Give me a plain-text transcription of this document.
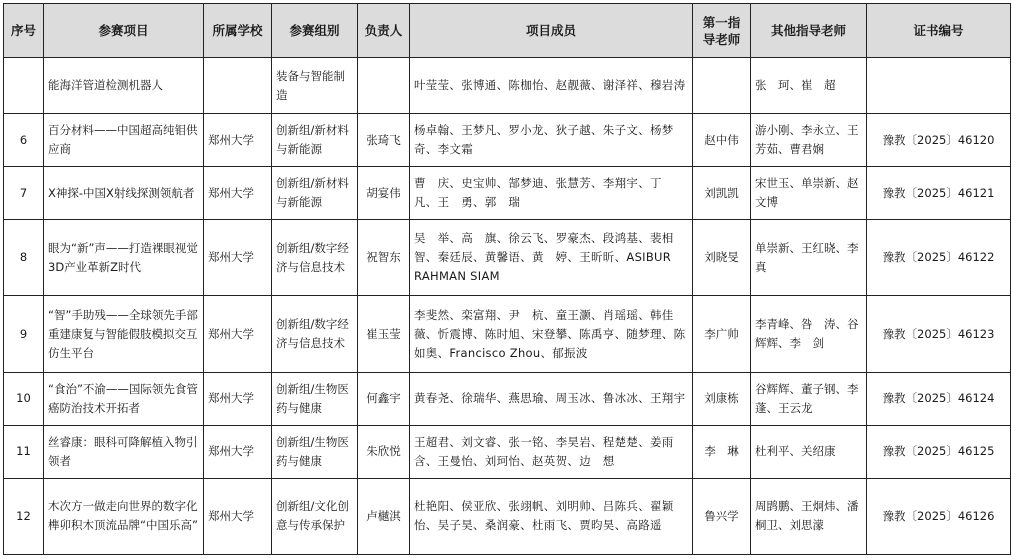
序号	参赛项目	所属学校	参赛组别	负责人	项目成员	第一指导老师	其他指导老师	证书编号
	能海洋管道检测机器人		装备与智能制造		叶莹莹、张博通、陈枷怡、赵靓薇、谢泽祥、穆岩涛		张　珂、崔　超	
6	百分材料——中国超高纯钼供应商	郑州大学	创新组/新材料与新能源	张琦飞	杨卓翰、王梦凡、罗小龙、狄子越、朱子文、杨梦奇、李文霜	赵中伟	游小刚、李永立、王芳茹、曹君娴	豫教〔2025〕46120
7	X神探-中国X射线探测领航者	郑州大学	创新组/新材料与新能源	胡宴伟	曹　庆、史宝帅、郜梦迪、张慧芳、李翔宇、丁　凡、王　勇、郭　瑞	刘凯凯	宋世玉、单崇新、赵文博	豫教〔2025〕46121
8	眼为“新”声——打造裸眼视觉3D产业革新Z时代	郑州大学	创新组/数字经济与信息技术	祝智东	吴　举、高　旗、徐云飞、罗豪杰、段鸿基、裴相智、秦廷辰、黄馨语、黄　婷、王昕昕、ASIBUR RAHMAN SIAM	刘晓旻	单崇新、王红晓、李　真	豫教〔2025〕46122
9	“智”手助残——全球领先手部重建康复与智能假肢模拟交互仿生平台	郑州大学	创新组/数字经济与信息技术	崔玉莹	李斐然、栾富翔、尹　杭、童王灏、肖瑶瑶、韩佳薇、忻震博、陈时旭、宋登攀、陈禹亨、随梦理、陈如奥、Francisco Zhou、郁振波	李广帅	李青峰、咎　涛、谷辉辉、李　剑	豫教〔2025〕46123
10	“食治”不渝——国际领先食管癌防治技术开拓者	郑州大学	创新组/生物医药与健康	何鑫宇	黄春尧、徐瑞华、燕思瑜、周玉冰、鲁冰冰、王翔宇	刘康栋	谷辉辉、董子钢、李　蓬、王云龙	豫教〔2025〕46124
11	丝睿康：眼科可降解植入物引领者	郑州大学	创新组/生物医药与健康	朱欣悦	王超君、刘文睿、张一铭、李昊岩、程楚楚、姜雨含、王曼怡、刘珂怡、赵英贺、边　想	李　琳	杜利平、关绍康	豫教〔2025〕46125
12	木次方一做走向世界的数字化榫卯积木顶流品牌“中国乐高”	郑州大学	创新组/文化创意与传承保护	卢樾淇	杜艳阳、侯亚欣、张翊帆、刘明帅、吕陈兵、翟颖怡、吴子昊、桑润豪、杜雨飞、贾昀昊、高路遥	鲁兴学	周鹍鹏、王炯炜、潘桐卫、刘思濛	豫教〔2025〕46126
